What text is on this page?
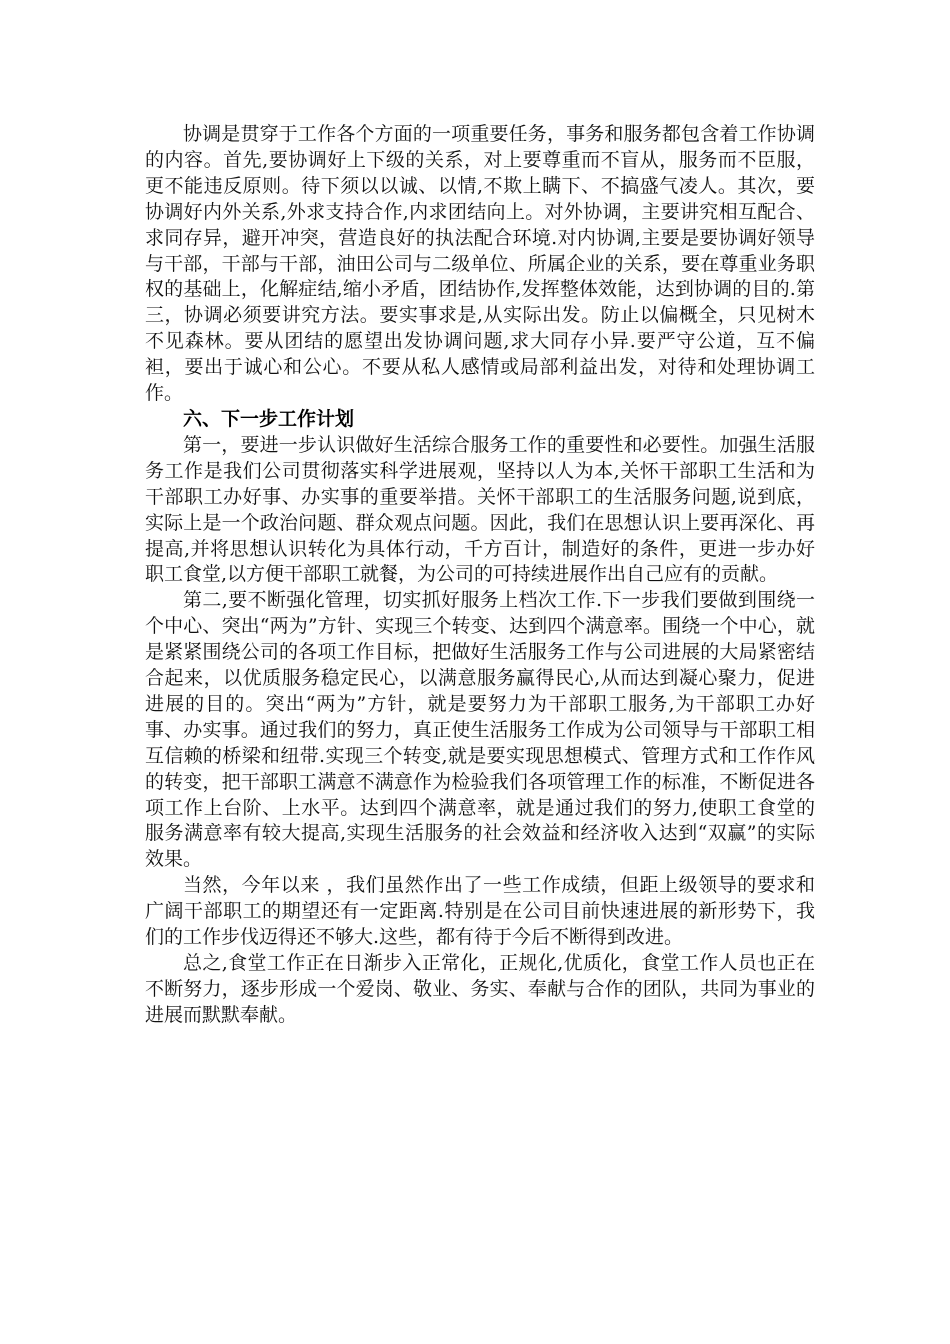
协调是贯穿于工作各个方面的一项重要任务，事务和服务都包含着工作协调的内容。首先,要协调好上下级的关系，对上要尊重而不盲从，服务而不臣服，更不能违反原则。待下须以以诚、以情,不欺上瞒下、不搞盛气凌人。其次，要协调好内外关系,外求支持合作,内求团结向上。对外协调，主要讲究相互配合、求同存异，避开冲突，营造良好的执法配合环境.对内协调,主要是要协调好领导与干部，干部与干部，油田公司与二级单位、所属企业的关系，要在尊重业务职权的基础上，化解症结,缩小矛盾，团结协作,发挥整体效能，达到协调的目的.第三，协调必须要讲究方法。要实事求是,从实际出发。防止以偏概全，只见树木不见森林。要从团结的愿望出发协调问题,求大同存小异.要严守公道，互不偏袒，要出于诚心和公心。不要从私人感情或局部利益出发，对待和处理协调工作。

六、下一步工作计划

第一，要进一步认识做好生活综合服务工作的重要性和必要性。加强生活服务工作是我们公司贯彻落实科学进展观，坚持以人为本,关怀干部职工生活和为干部职工办好事、办实事的重要举措。关怀干部职工的生活服务问题,说到底，实际上是一个政治问题、群众观点问题。因此，我们在思想认识上要再深化、再提高,并将思想认识转化为具体行动，千方百计，制造好的条件，更进一步办好职工食堂,以方便干部职工就餐，为公司的可持续进展作出自己应有的贡献。

第二,要不断强化管理，切实抓好服务上档次工作.下一步我们要做到围绕一个中心、突出“两为”方针、实现三个转变、达到四个满意率。围绕一个中心，就是紧紧围绕公司的各项工作目标，把做好生活服务工作与公司进展的大局紧密结合起来，以优质服务稳定民心，以满意服务赢得民心,从而达到凝心聚力，促进进展的目的。突出“两为”方针，就是要努力为干部职工服务,为干部职工办好事、办实事。通过我们的努力，真正使生活服务工作成为公司领导与干部职工相互信赖的桥梁和纽带.实现三个转变,就是要实现思想模式、管理方式和工作作风的转变，把干部职工满意不满意作为检验我们各项管理工作的标准，不断促进各项工作上台阶、上水平。达到四个满意率，就是通过我们的努力,使职工食堂的服务满意率有较大提高,实现生活服务的社会效益和经济收入达到“双赢”的实际效果。

当然，今年以来 ，我们虽然作出了一些工作成绩，但距上级领导的要求和广阔干部职工的期望还有一定距离.特别是在公司目前快速进展的新形势下，我们的工作步伐迈得还不够大.这些，都有待于今后不断得到改进。

总之,食堂工作正在日渐步入正常化，正规化,优质化，食堂工作人员也正在不断努力，逐步形成一个爱岗、敬业、务实、奉献与合作的团队，共同为事业的进展而默默奉献。
